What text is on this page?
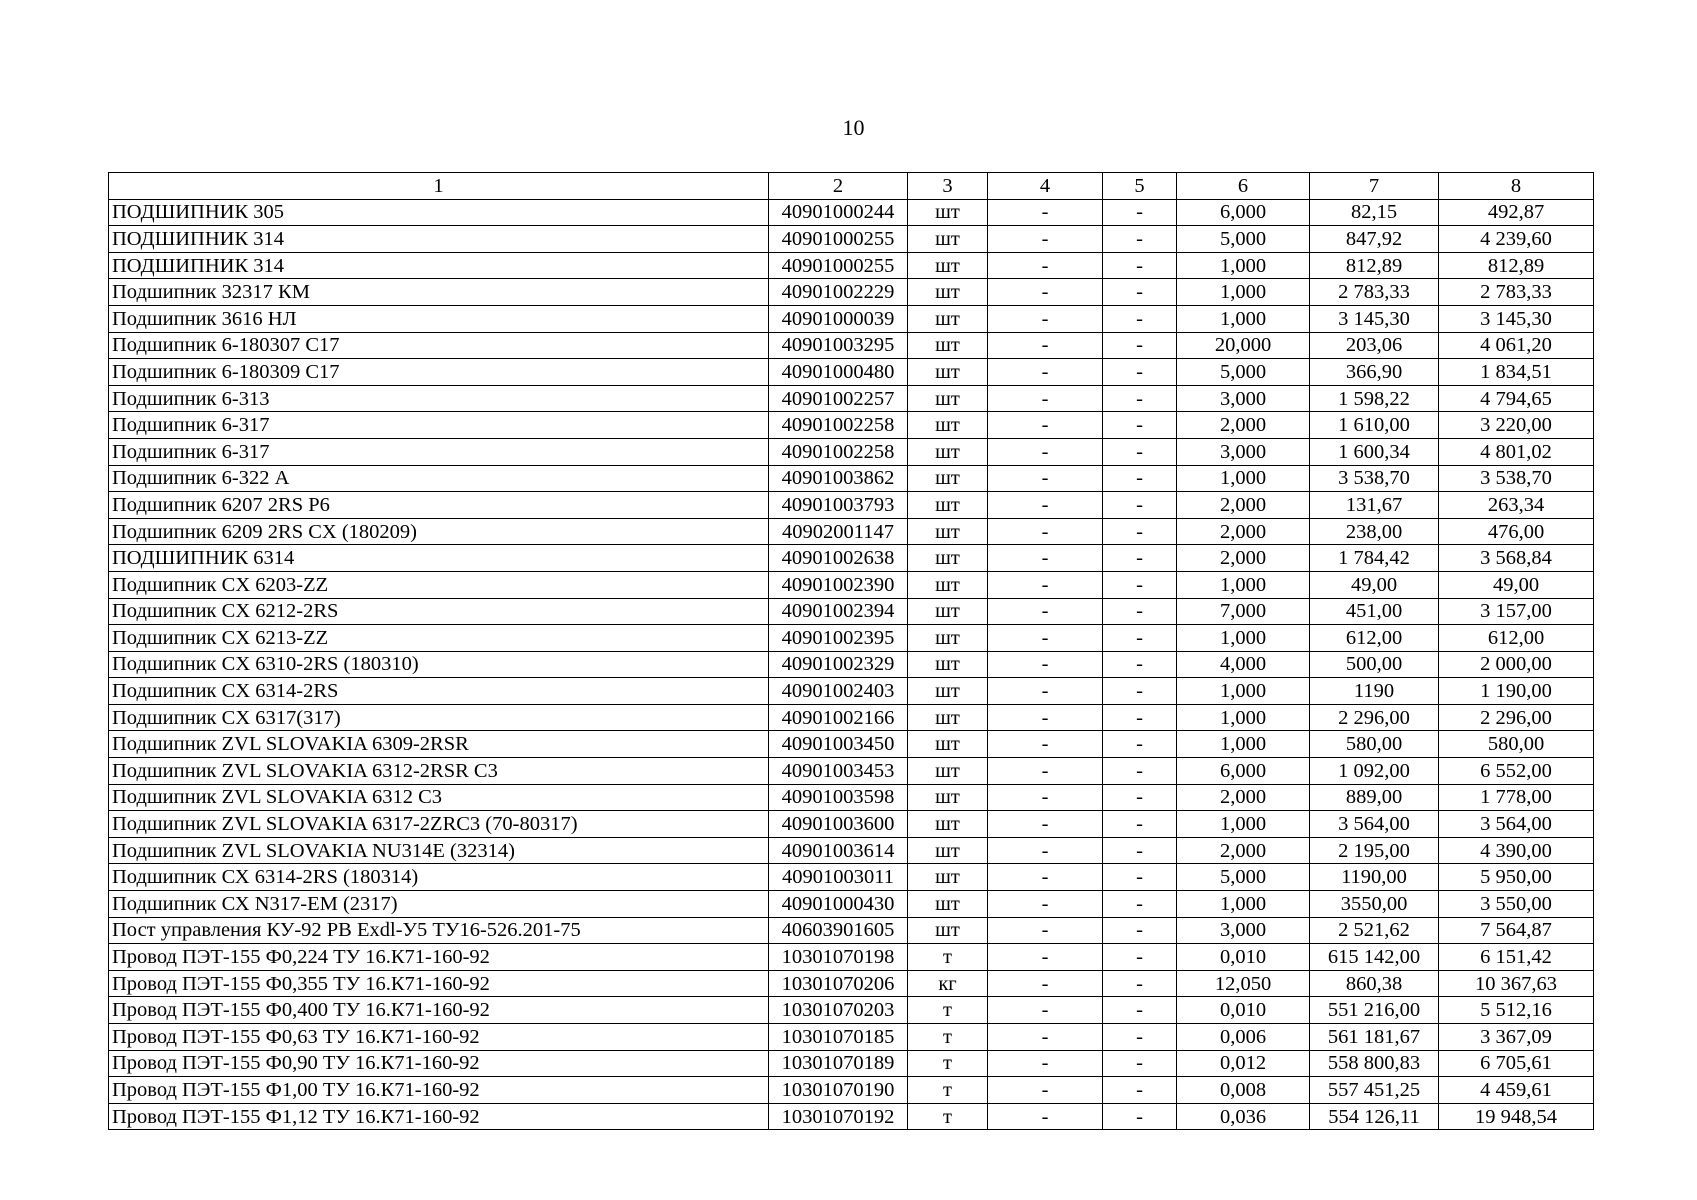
10
1	2	3	4	5	6	7	8
ПОДШИПНИК 305	40901000244	шт	-	-	6,000	82,15	492,87
ПОДШИПНИК 314	40901000255	шт	-	-	5,000	847,92	4 239,60
ПОДШИПНИК 314	40901000255	шт	-	-	1,000	812,89	812,89
Подшипник 32317 КМ	40901002229	шт	-	-	1,000	2 783,33	2 783,33
Подшипник 3616 НЛ	40901000039	шт	-	-	1,000	3 145,30	3 145,30
Подшипник 6-180307 С17	40901003295	шт	-	-	20,000	203,06	4 061,20
Подшипник 6-180309 С17	40901000480	шт	-	-	5,000	366,90	1 834,51
Подшипник 6-313	40901002257	шт	-	-	3,000	1 598,22	4 794,65
Подшипник 6-317	40901002258	шт	-	-	2,000	1 610,00	3 220,00
Подшипник 6-317	40901002258	шт	-	-	3,000	1 600,34	4 801,02
Подшипник 6-322 А	40901003862	шт	-	-	1,000	3 538,70	3 538,70
Подшипник 6207 2RS P6	40901003793	шт	-	-	2,000	131,67	263,34
Подшипник 6209 2RS CX (180209)	40902001147	шт	-	-	2,000	238,00	476,00
ПОДШИПНИК 6314	40901002638	шт	-	-	2,000	1 784,42	3 568,84
Подшипник CX 6203-ZZ	40901002390	шт	-	-	1,000	49,00	49,00
Подшипник CX 6212-2RS	40901002394	шт	-	-	7,000	451,00	3 157,00
Подшипник CX 6213-ZZ	40901002395	шт	-	-	1,000	612,00	612,00
Подшипник CX 6310-2RS (180310)	40901002329	шт	-	-	4,000	500,00	2 000,00
Подшипник CX 6314-2RS	40901002403	шт	-	-	1,000	1190	1 190,00
Подшипник CX 6317(317)	40901002166	шт	-	-	1,000	2 296,00	2 296,00
Подшипник ZVL SLOVAKIA 6309-2RSR	40901003450	шт	-	-	1,000	580,00	580,00
Подшипник ZVL SLOVAKIA 6312-2RSR C3	40901003453	шт	-	-	6,000	1 092,00	6 552,00
Подшипник ZVL SLOVAKIA 6312 C3	40901003598	шт	-	-	2,000	889,00	1 778,00
Подшипник ZVL SLOVAKIA 6317-2ZRC3 (70-80317)	40901003600	шт	-	-	1,000	3 564,00	3 564,00
Подшипник ZVL SLOVAKIA NU314E (32314)	40901003614	шт	-	-	2,000	2 195,00	4 390,00
Подшипник СХ 6314-2RS (180314)	40901003011	шт	-	-	5,000	1190,00	5 950,00
Подшипник СХ N317-EM (2317)	40901000430	шт	-	-	1,000	3550,00	3 550,00
Пост управления КУ-92 РВ Exdl-У5 ТУ16-526.201-75	40603901605	шт	-	-	3,000	2 521,62	7 564,87
Провод ПЭТ-155 Ф0,224 ТУ 16.К71-160-92	10301070198	т	-	-	0,010	615 142,00	6 151,42
Провод ПЭТ-155 Ф0,355 ТУ 16.К71-160-92	10301070206	кг	-	-	12,050	860,38	10 367,63
Провод ПЭТ-155 Ф0,400 ТУ 16.К71-160-92	10301070203	т	-	-	0,010	551 216,00	5 512,16
Провод ПЭТ-155 Ф0,63 ТУ 16.К71-160-92	10301070185	т	-	-	0,006	561 181,67	3 367,09
Провод ПЭТ-155 Ф0,90 ТУ 16.К71-160-92	10301070189	т	-	-	0,012	558 800,83	6 705,61
Провод ПЭТ-155 Ф1,00 ТУ 16.К71-160-92	10301070190	т	-	-	0,008	557 451,25	4 459,61
Провод ПЭТ-155 Ф1,12 ТУ 16.К71-160-92	10301070192	т	-	-	0,036	554 126,11	19 948,54
